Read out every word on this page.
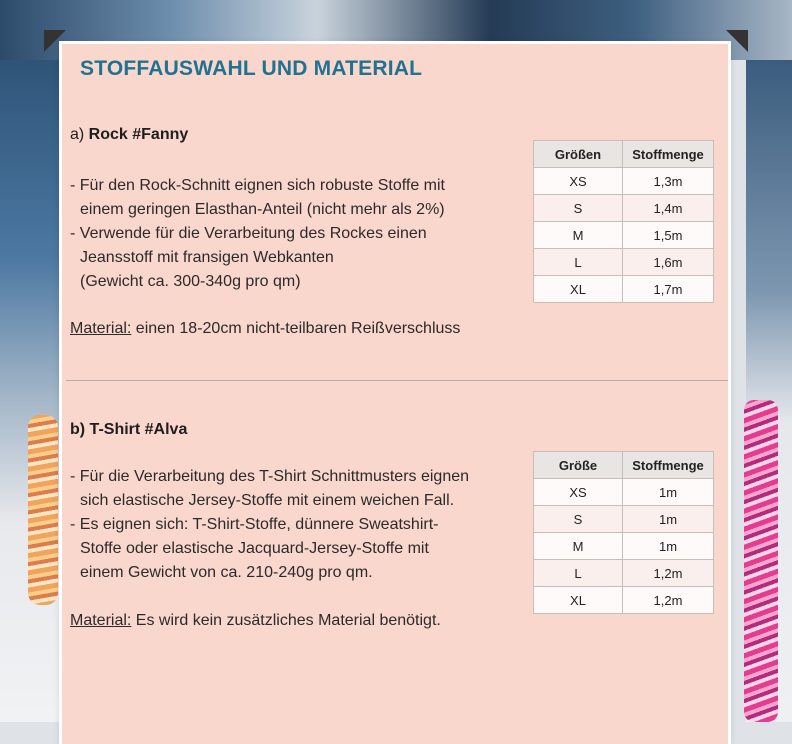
STOFFAUSWAHL UND MATERIAL
a) Rock #Fanny
- Für den Rock-Schnitt eignen sich robuste Stoffe mit
einem geringen Elasthan-Anteil (nicht mehr als 2%)
- Verwende für die Verarbeitung des Rockes einen
Jeansstoff mit fransigen Webkanten
(Gewicht ca. 300-340g pro qm)
Material: einen 18-20cm nicht-teilbaren Reißverschluss
Größen	Stoffmenge
XS	1,3m
S	1,4m
M	1,5m
L	1,6m
XL	1,7m
b) T-Shirt #Alva
- Für die Verarbeitung des T-Shirt Schnittmusters eignen
sich elastische Jersey-Stoffe mit einem weichen Fall.
- Es eignen sich: T-Shirt-Stoffe, dünnere Sweatshirt-
Stoffe oder elastische Jacquard-Jersey-Stoffe mit
einem Gewicht von ca. 210-240g pro qm.
Material: Es wird kein zusätzliches Material benötigt.
Größe	Stoffmenge
XS	1m
S	1m
M	1m
L	1,2m
XL	1,2m
